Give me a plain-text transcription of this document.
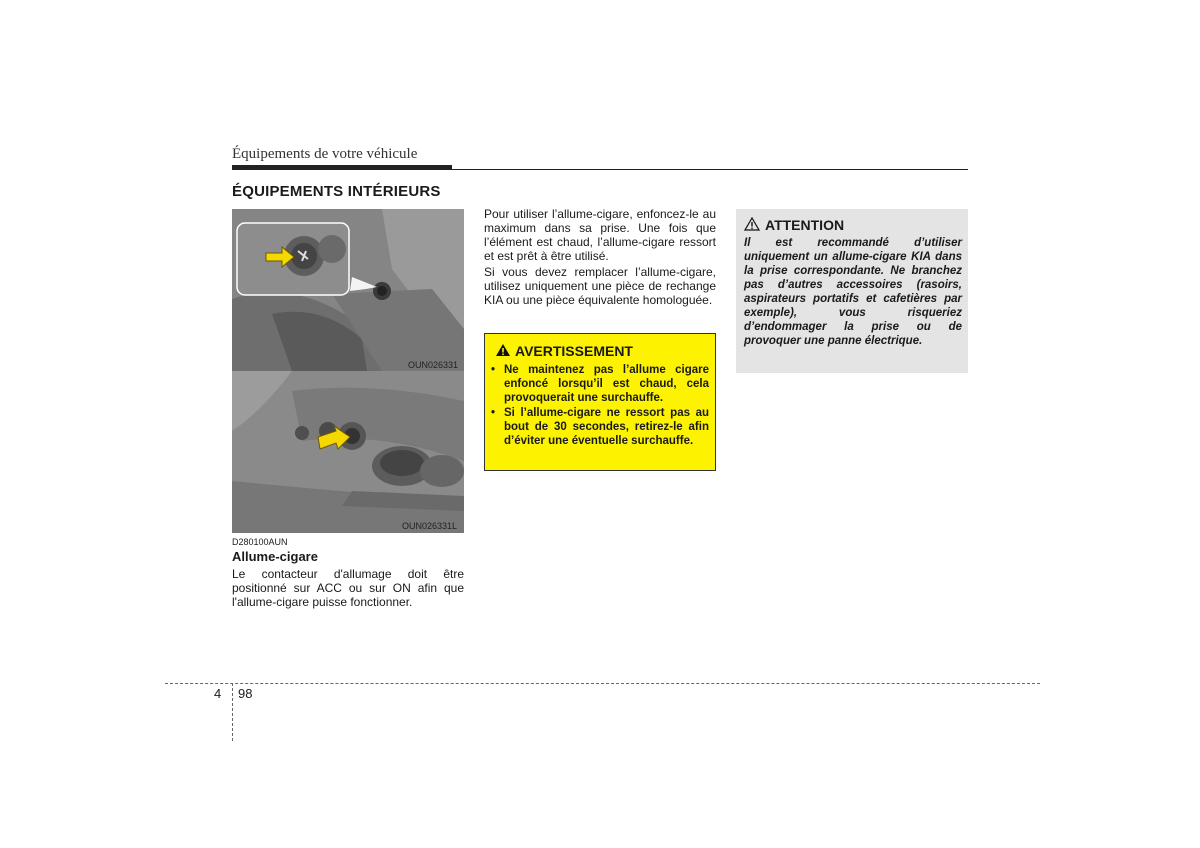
Équipements de votre véhicule
ÉQUIPEMENTS INTÉRIEURS
OUN026331
OUN026331L
D280100AUN
Allume-cigare
Le contacteur d'allumage doit être positionné sur ACC ou sur ON afin que l'allume-cigare puisse fonctionner.
Pour utiliser l’allume-cigare, enfoncez-le au maximum dans sa prise. Une fois que l’élément est chaud, l’allume-cigare ressort et est prêt à être utilisé.
Si vous devez remplacer l’allume-cigare, utilisez uniquement une pièce de rechange KIA ou une pièce équivalente homologuée.
AVERTISSEMENT
• Ne maintenez pas l’allume cigare enfoncé lorsqu’il est chaud, cela provoquerait une surchauffe.
• Si l’allume-cigare ne ressort pas au bout de 30 secondes, retirez-le afin d’éviter une éventuelle surchauffe.
ATTENTION
Il est recommandé d’utiliser uniquement un allume-cigare KIA dans la prise correspondante. Ne branchez pas d’autres accessoires (rasoirs, aspirateurs portatifs et cafetières par exemple), vous risqueriez d’endommager la prise ou de provoquer une panne électrique.
4 98
